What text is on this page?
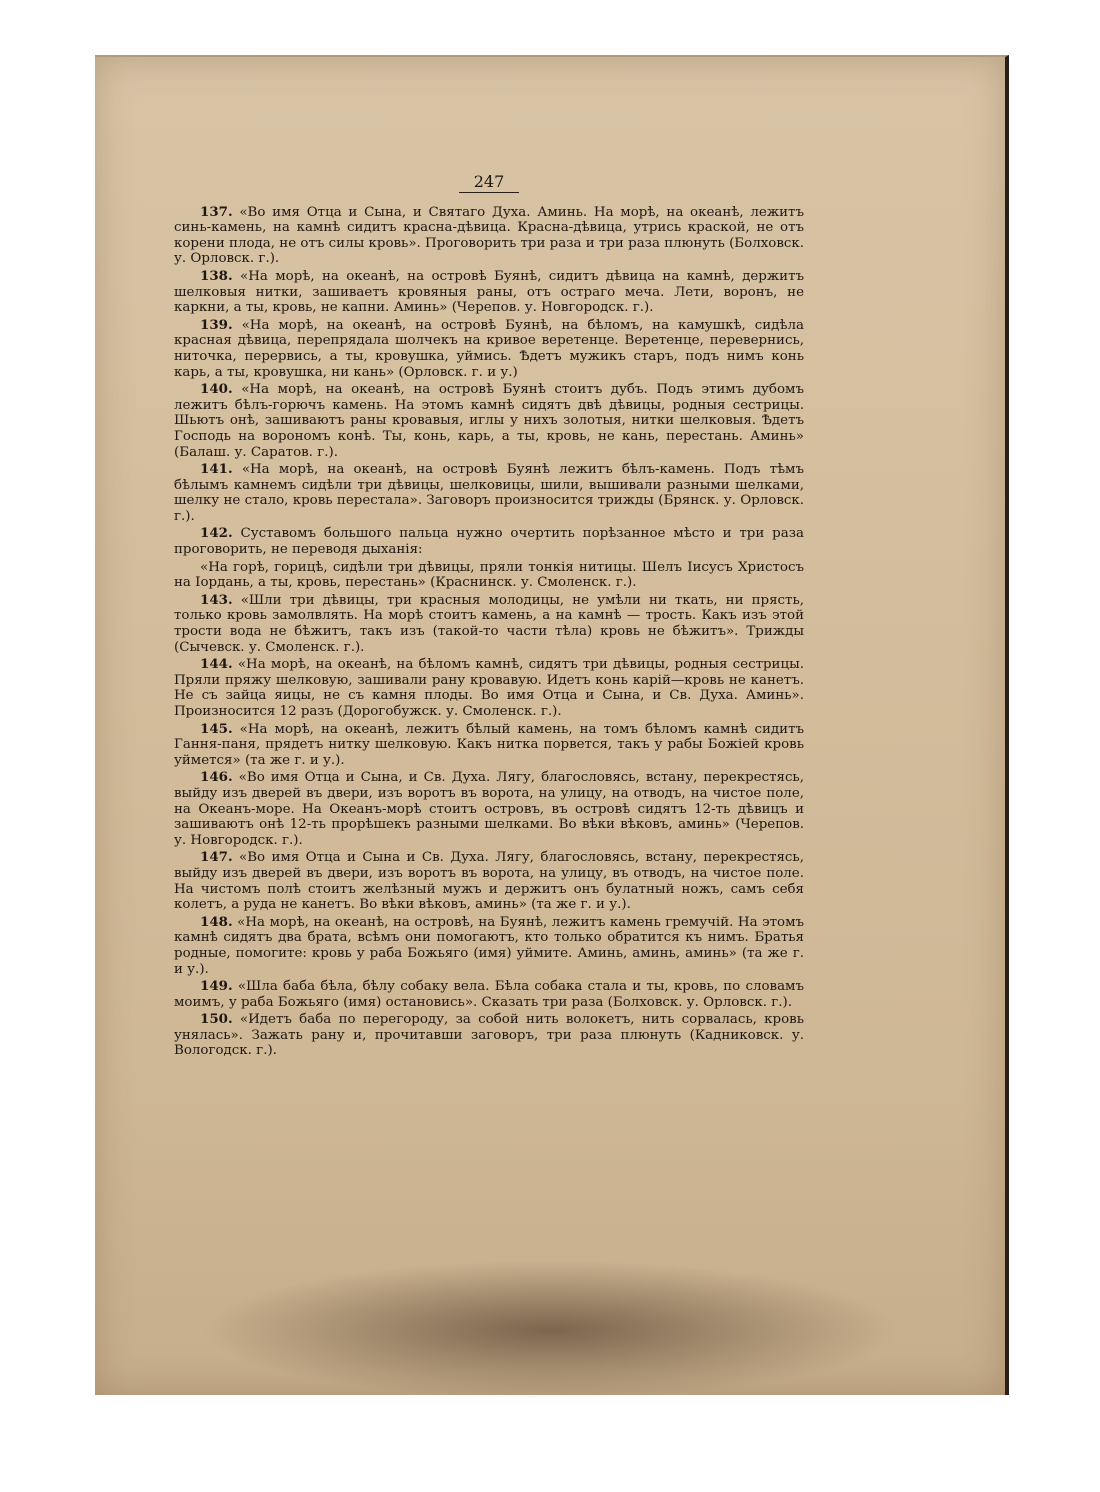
247

137. «Во имя Отца и Сына, и Святаго Духа. Аминь. На морѣ, на океанѣ, лежитъ синь-камень, на камнѣ сидитъ красна-дѣвица. Красна-дѣвица, утрись краской, не отъ корени плода, не отъ силы кровь». Проговорить три раза и три раза плюнуть (Болховск. у. Орловск. г.).

138. «На морѣ, на океанѣ, на островѣ Буянѣ, сидитъ дѣвица на камнѣ, держитъ шелковыя нитки, зашиваетъ кровяныя раны, отъ остраго меча. Лети, воронъ, не каркни, а ты, кровь, не капни. Аминь» (Черепов. у. Новгородск. г.).

139. «На морѣ, на океанѣ, на островѣ Буянѣ, на бѣломъ, на камушкѣ, сидѣла красная дѣвица, перепрядала шолчекъ на кривое веретенце. Веретенце, перевернись, ниточка, перервись, а ты, кровушка, уймись. Ѣдетъ мужикъ старъ, подъ нимъ конь карь, а ты, кровушка, ни кань» (Орловск. г. и у.)

140. «На морѣ, на океанѣ, на островѣ Буянѣ стоитъ дубъ. Подъ этимъ дубомъ лежитъ бѣлъ-горючъ камень. На этомъ камнѣ сидятъ двѣ дѣвицы, родныя сестрицы. Шьютъ онѣ, зашиваютъ раны кровавыя, иглы у нихъ золотыя, нитки шелковыя. Ѣдетъ Господь на ворономъ конѣ. Ты, конь, карь, а ты, кровь, не кань, перестань. Аминь» (Балаш. у. Саратов. г.).

141. «На морѣ, на океанѣ, на островѣ Буянѣ лежитъ бѣлъ-камень. Подъ тѣмъ бѣлымъ камнемъ сидѣли три дѣвицы, шелковицы, шили, вышивали разными шелками, шелку не стало, кровь перестала». Заговоръ произносится трижды (Брянск. у. Орловск. г.).

142. Суставомъ большого пальца нужно очертить порѣзанное мѣсто и три раза проговорить, не переводя дыханія:

«На горѣ, горицѣ, сидѣли три дѣвицы, пряли тонкія нитицы. Шелъ Іисусъ Христосъ на Іордань, а ты, кровь, перестань» (Краснинск. у. Смоленск. г.).

143. «Шли три дѣвицы, три красныя молодицы, не умѣли ни ткать, ни прясть, только кровь замолвлять. На морѣ стоитъ камень, а на камнѣ — трость. Какъ изъ этой трости вода не бѣжитъ, такъ изъ (такой-то части тѣла) кровь не бѣжитъ». Трижды (Сычевск. у. Смоленск. г.).

144. «На морѣ, на океанѣ, на бѣломъ камнѣ, сидятъ три дѣвицы, родныя сестрицы. Пряли пряжу шелковую, зашивали рану кровавую. Идетъ конь карій—кровь не канетъ. Не съ зайца яицы, не съ камня плоды. Во имя Отца и Сына, и Св. Духа. Аминь». Произносится 12 разъ (Дорогобужск. у. Смоленск. г.).

145. «На морѣ, на океанѣ, лежитъ бѣлый камень, на томъ бѣломъ камнѣ сидитъ Гання-паня, прядетъ нитку шелковую. Какъ нитка порвется, такъ у рабы Божіей кровь уймется» (та же г. и у.).

146. «Во имя Отца и Сына, и Св. Духа. Лягу, благословясь, встану, перекрестясь, выйду изъ дверей въ двери, изъ воротъ въ ворота, на улицу, на отводъ, на чистое поле, на Океанъ-море. На Океанъ-морѣ стоитъ островъ, въ островѣ сидятъ 12-ть дѣвицъ и зашиваютъ онѣ 12-ть прорѣшекъ разными шелками. Во вѣки вѣковъ, аминь» (Черепов. у. Новгородск. г.).

147. «Во имя Отца и Сына и Св. Духа. Лягу, благословясь, встану, перекрестясь, выйду изъ дверей въ двери, изъ воротъ въ ворота, на улицу, въ отводъ, на чистое поле. На чистомъ полѣ стоитъ желѣзный мужъ и держитъ онъ булатный ножъ, самъ себя колетъ, а руда не канетъ. Во вѣки вѣковъ, аминь» (та же г. и у.).

148. «На морѣ, на океанѣ, на островѣ, на Буянѣ, лежитъ камень гремучій. На этомъ камнѣ сидятъ два брата, всѣмъ они помогаютъ, кто только обратится къ нимъ. Братья родные, помогите: кровь у раба Божьяго (имя) уймите. Аминь, аминь, аминь» (та же г. и у.).

149. «Шла баба бѣла, бѣлу собаку вела. Бѣла собака стала и ты, кровь, по словамъ моимъ, у раба Божьяго (имя) остановись». Сказать три раза (Болховск. у. Орловск. г.).

150. «Идетъ баба по перегороду, за собой нить волокетъ, нить сорвалась, кровь унялась». Зажать рану и, прочитавши заговоръ, три раза плюнуть (Кадниковск. у. Вологодск. г.).
